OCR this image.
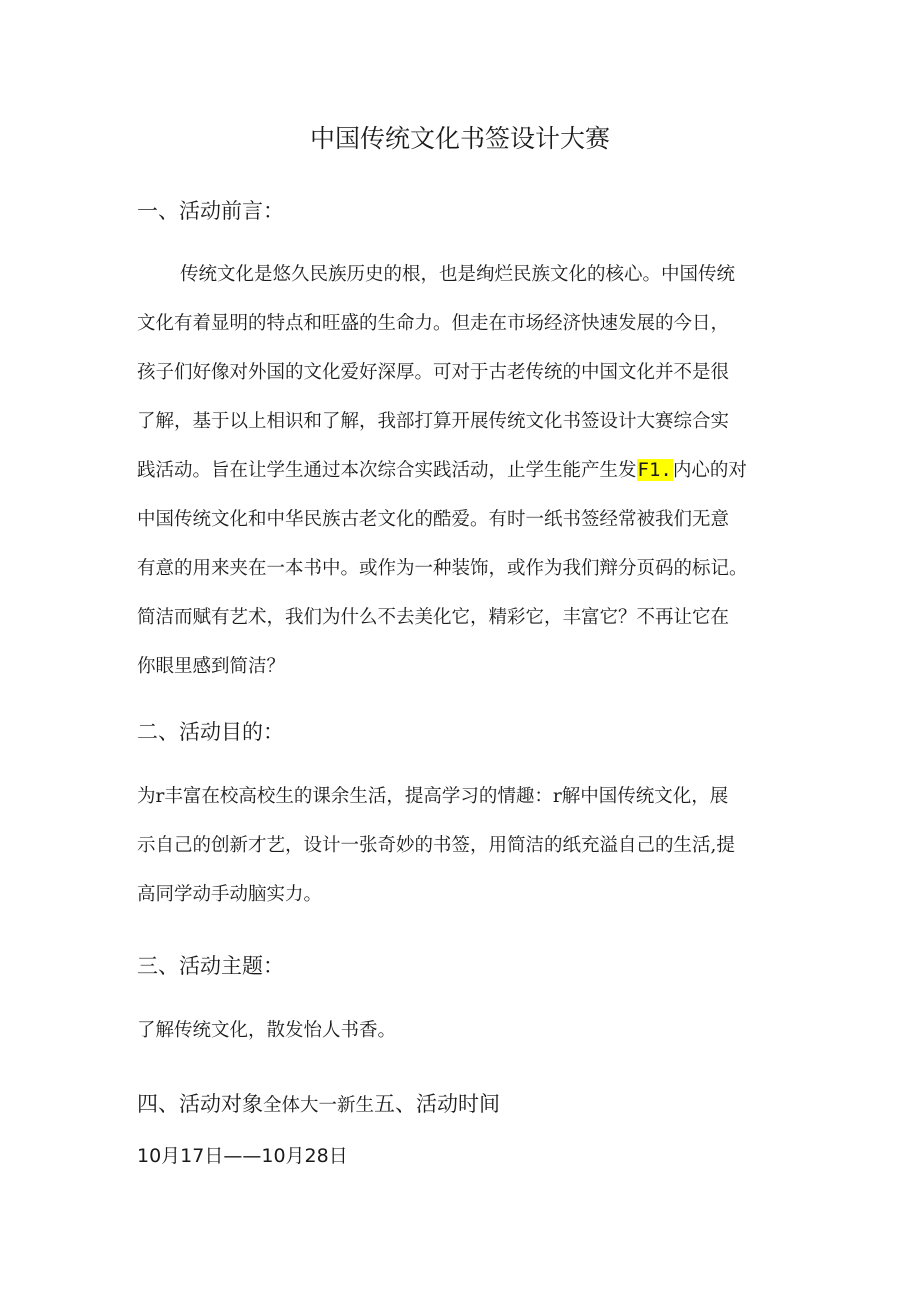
中国传统文化书签设计大赛
一、活动前言：
传统文化是悠久民族历史的根，也是绚烂民族文化的核心。中国传统
文化有着显明的特点和旺盛的生命力。但走在市场经济快速发展的今日，
孩子们好像对外国的文化爱好深厚。可对于古老传统的中国文化并不是很
了解，基于以上相识和了解，我部打算开展传统文化书签设计大赛综合实
践活动。旨在让学生通过本次综合实践活动，止学生能产生发F1.内心的对
中国传统文化和中华民族古老文化的酷爱。有时一纸书签经常被我们无意
有意的用来夹在一本书中。或作为一种装饰，或作为我们辩分页码的标记。
简洁而赋有艺术，我们为什么不去美化它，精彩它，丰富它？不再让它在
你眼里感到简洁？
二、活动目的：
为r丰富在校高校生的课余生活，提高学习的情趣：r解中国传统文化，展
示自己的创新才艺，设计一张奇妙的书签，用简洁的纸充溢自己的生活,提
高同学动手动脑实力。
三、活动主题：
了解传统文化，散发怡人书香。
四、活动对象全体大一新生五、活动时间
10月17日——10月28日
